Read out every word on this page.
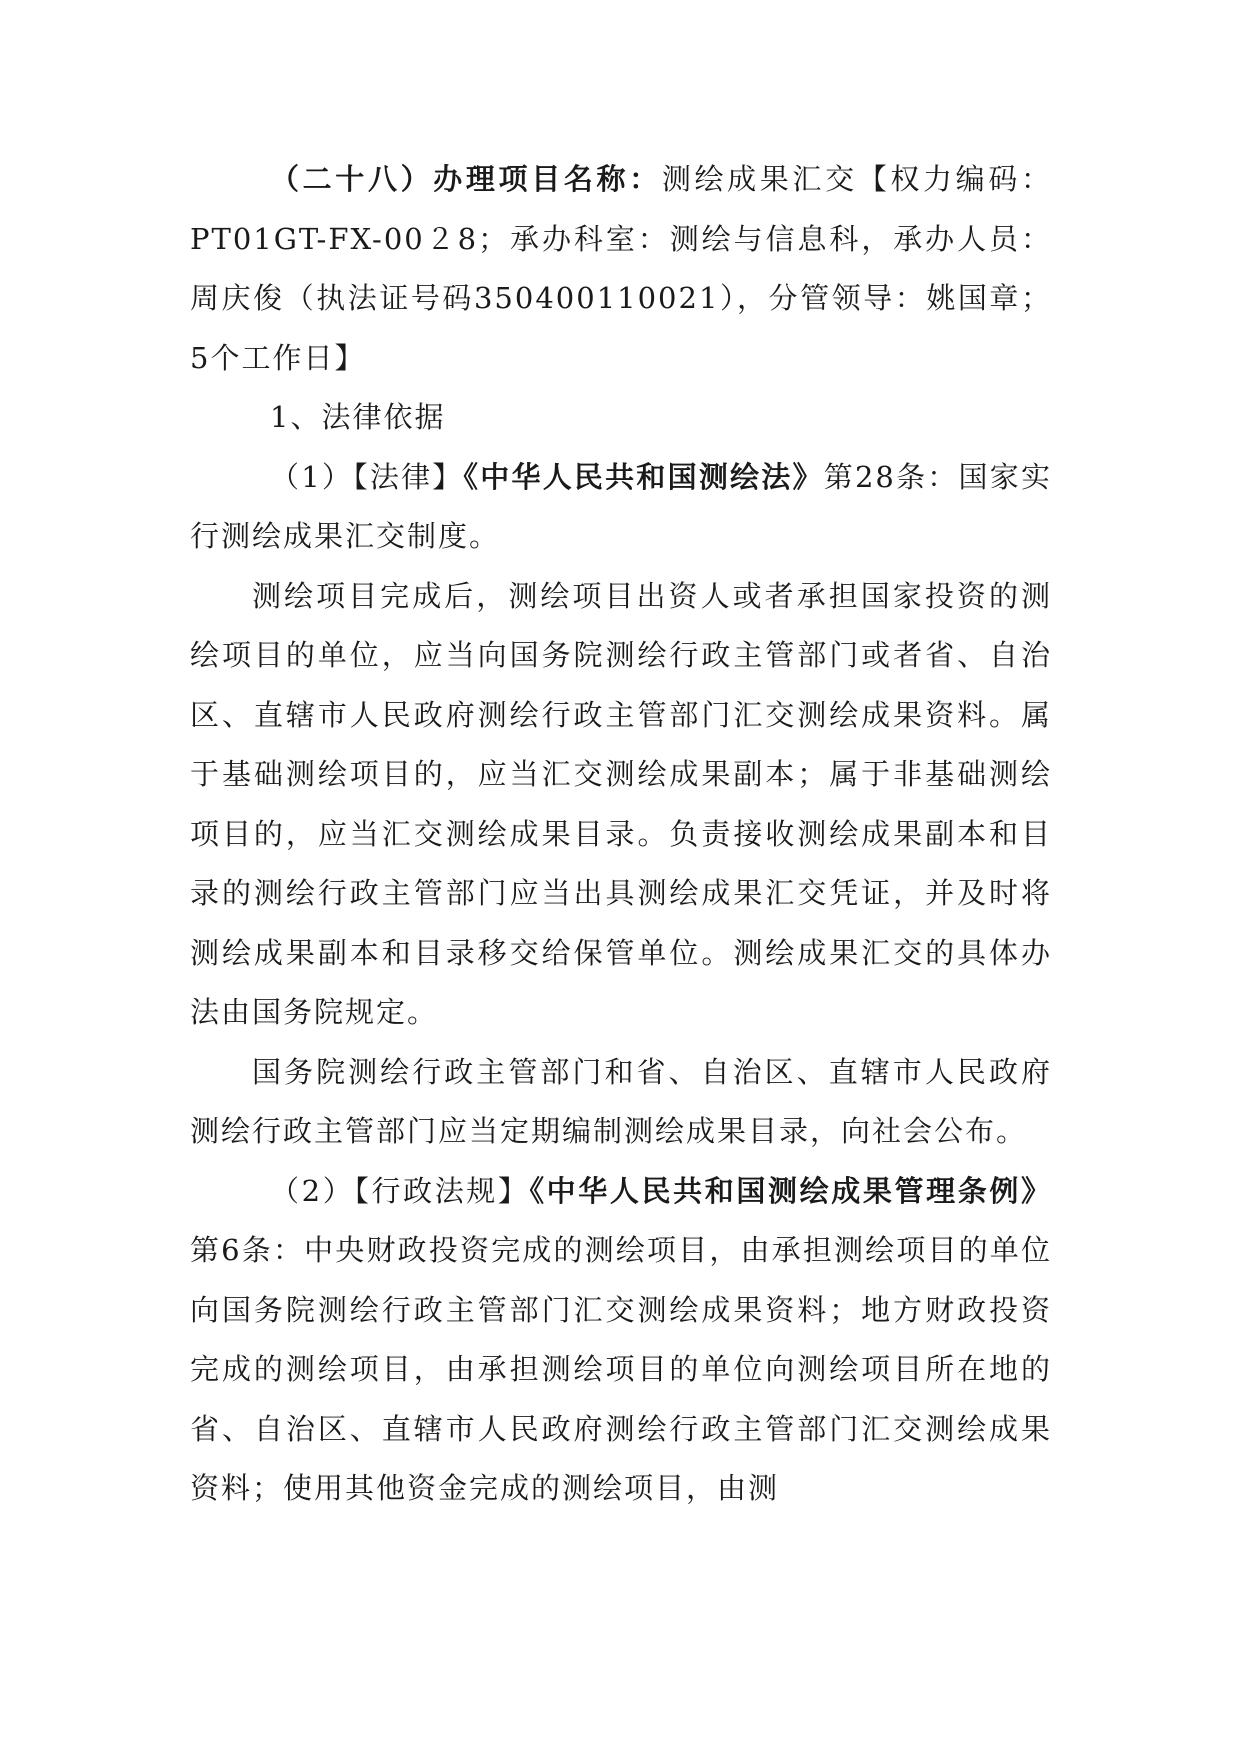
（二十八）办理项目名称：测绘成果汇交【权力编码：PT01GT-FX-00２8；承办科室：测绘与信息科，承办人员：周庆俊（执法证号码350400110021），分管领导：姚国章；5个工作日】

1、法律依据

（1）【法律】《中华人民共和国测绘法》第28条：国家实行测绘成果汇交制度。

测绘项目完成后，测绘项目出资人或者承担国家投资的测绘项目的单位，应当向国务院测绘行政主管部门或者省、自治区、直辖市人民政府测绘行政主管部门汇交测绘成果资料。属于基础测绘项目的，应当汇交测绘成果副本；属于非基础测绘项目的，应当汇交测绘成果目录。负责接收测绘成果副本和目录的测绘行政主管部门应当出具测绘成果汇交凭证，并及时将测绘成果副本和目录移交给保管单位。测绘成果汇交的具体办法由国务院规定。

国务院测绘行政主管部门和省、自治区、直辖市人民政府测绘行政主管部门应当定期编制测绘成果目录，向社会公布。

（2）【行政法规】《中华人民共和国测绘成果管理条例》第6条：中央财政投资完成的测绘项目，由承担测绘项目的单位向国务院测绘行政主管部门汇交测绘成果资料；地方财政投资完成的测绘项目，由承担测绘项目的单位向测绘项目所在地的省、自治区、直辖市人民政府测绘行政主管部门汇交测绘成果资料；使用其他资金完成的测绘项目，由测
